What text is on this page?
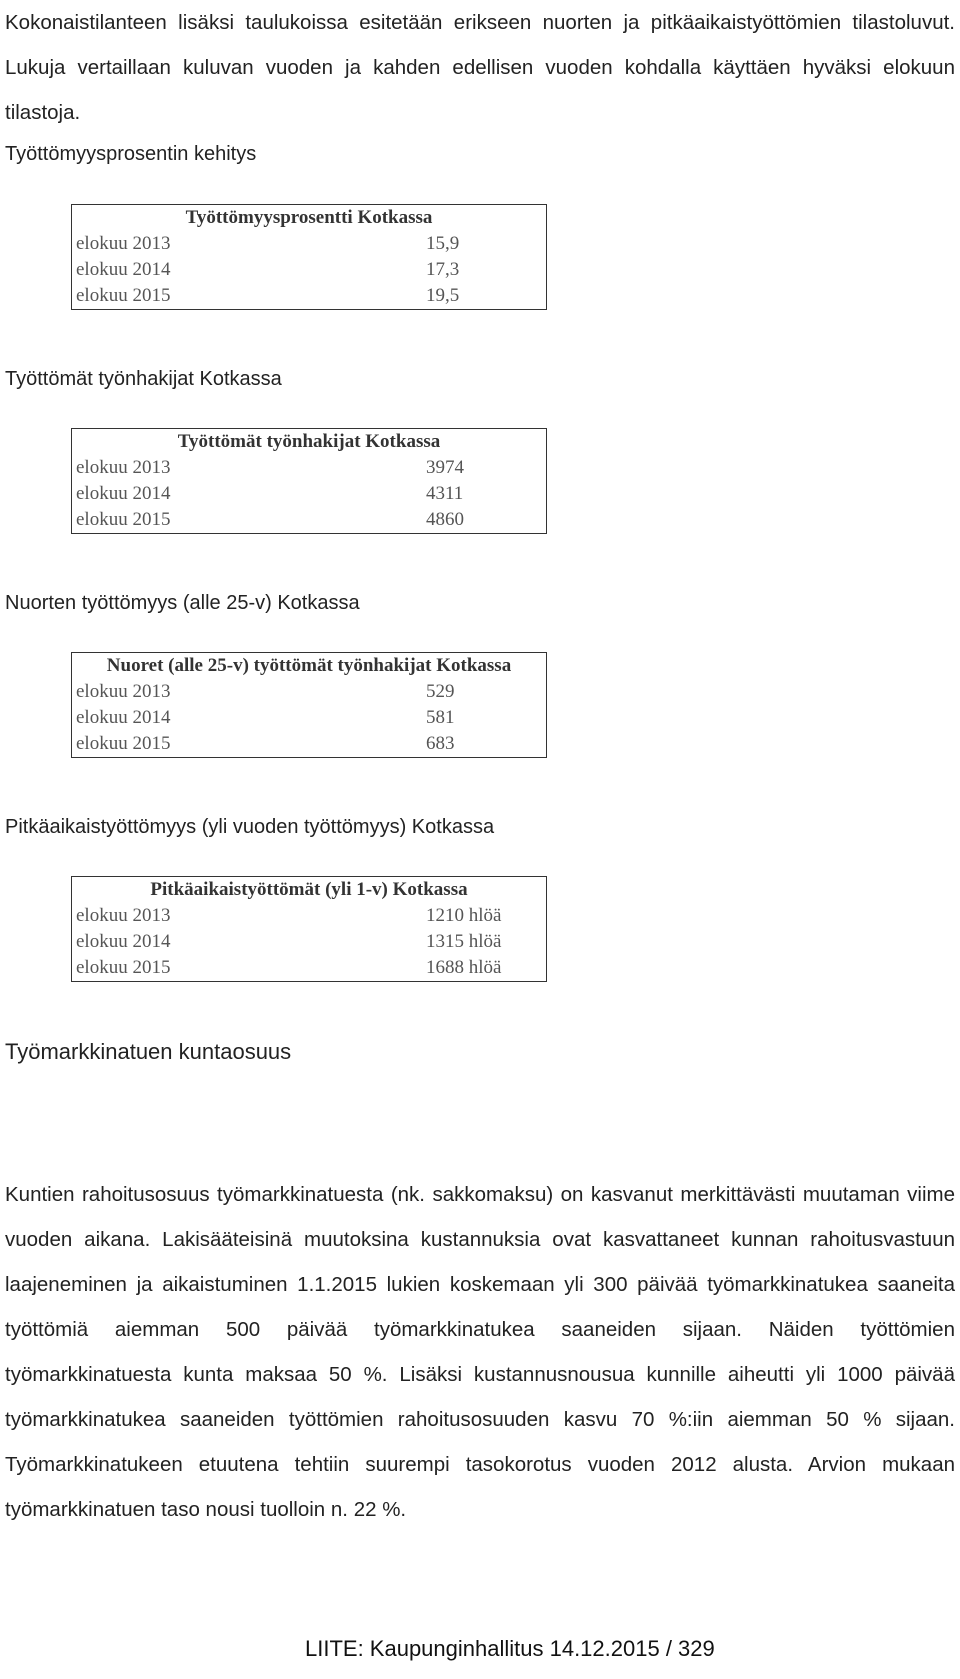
Kokonaistilanteen lisäksi taulukoissa esitetään erikseen nuorten ja pitkäaikaistyöttömien tilastoluvut. Lukuja vertaillaan kuluvan vuoden ja kahden edellisen vuoden kohdalla käyttäen hyväksi elokuun tilastoja.

Työttömyysprosentin kehitys
Työttömyysprosentti Kotkassa	
elokuu 2013	15,9
elokuu 2014	17,3
elokuu 2015	19,5
Työttömät työnhakijat Kotkassa
Työttömät työnhakijat Kotkassa	
elokuu 2013	3974
elokuu 2014	4311
elokuu 2015	4860
Nuorten työttömyys (alle 25-v) Kotkassa
Nuoret (alle 25-v) työttömät työnhakijat Kotkassa	
elokuu 2013	529
elokuu 2014	581
elokuu 2015	683
Pitkäaikaistyöttömyys (yli vuoden työttömyys) Kotkassa
Pitkäaikaistyöttömät (yli 1-v) Kotkassa	
elokuu 2013	1210 hlöä
elokuu 2014	1315 hlöä
elokuu 2015	1688 hlöä
Työmarkkinatuen kuntaosuus

Kuntien rahoitusosuus työmarkkinatuesta (nk. sakkomaksu) on kasvanut merkittävästi muutaman viime vuoden aikana. Lakisääteisinä muutoksina kustannuksia ovat kasvattaneet kunnan rahoitusvastuun laajeneminen ja aikaistuminen 1.1.2015 lukien koskemaan yli 300 päivää työmarkkinatukea saaneita työttömiä aiemman 500 päivää työmarkkinatukea saaneiden sijaan. Näiden työttömien työmarkkinatuesta kunta maksaa 50 %. Lisäksi kustannusnousua kunnille aiheutti yli 1000 päivää työmarkkinatukea saaneiden työttömien rahoitusosuuden kasvu 70 %:iin aiemman 50 % sijaan. Työmarkkinatukeen etuutena tehtiin suurempi tasokorotus vuoden 2012 alusta. Arvion mukaan työmarkkinatuen taso nousi tuolloin n. 22 %.

LIITE: Kaupunginhallitus 14.12.2015 / 329
